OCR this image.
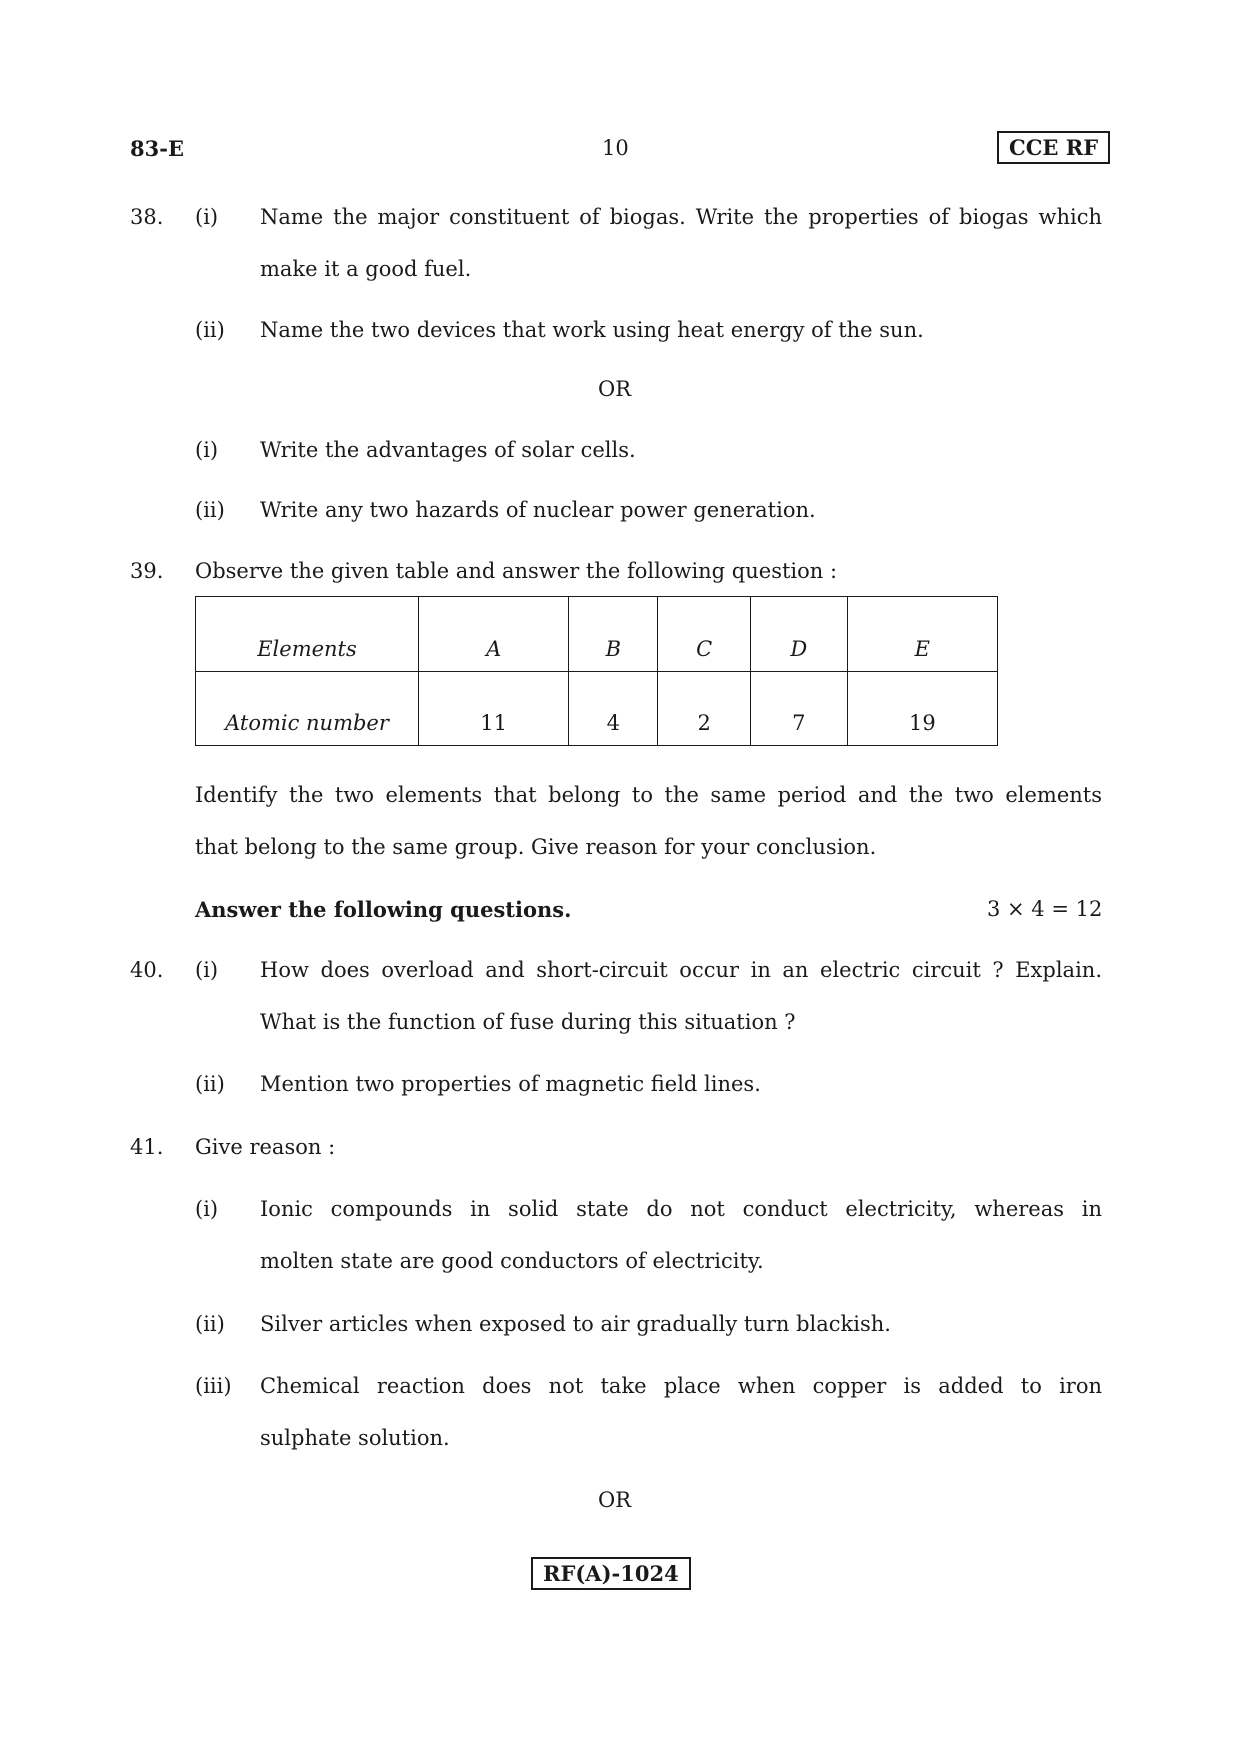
83-E	10	CCE RF
38. (i) Name the major constituent of biogas. Write the properties of biogas which
make it a good fuel.
(ii) Name the two devices that work using heat energy of the sun.
OR
(i) Write the advantages of solar cells.
(ii) Write any two hazards of nuclear power generation.
39. Observe the given table and answer the following question :
Elements	A	B	C	D	E
Atomic number	11	4	2	7	19
Identify the two elements that belong to the same period and the two elements
that belong to the same group. Give reason for your conclusion.
Answer the following questions.	3 × 4 = 12
40. (i) How does overload and short-circuit occur in an electric circuit ? Explain.
What is the function of fuse during this situation ?
(ii) Mention two properties of magnetic field lines.
41. Give reason :
(i) Ionic compounds in solid state do not conduct electricity, whereas in
molten state are good conductors of electricity.
(ii) Silver articles when exposed to air gradually turn blackish.
(iii) Chemical reaction does not take place when copper is added to iron
sulphate solution.
OR
RF(A)-1024
